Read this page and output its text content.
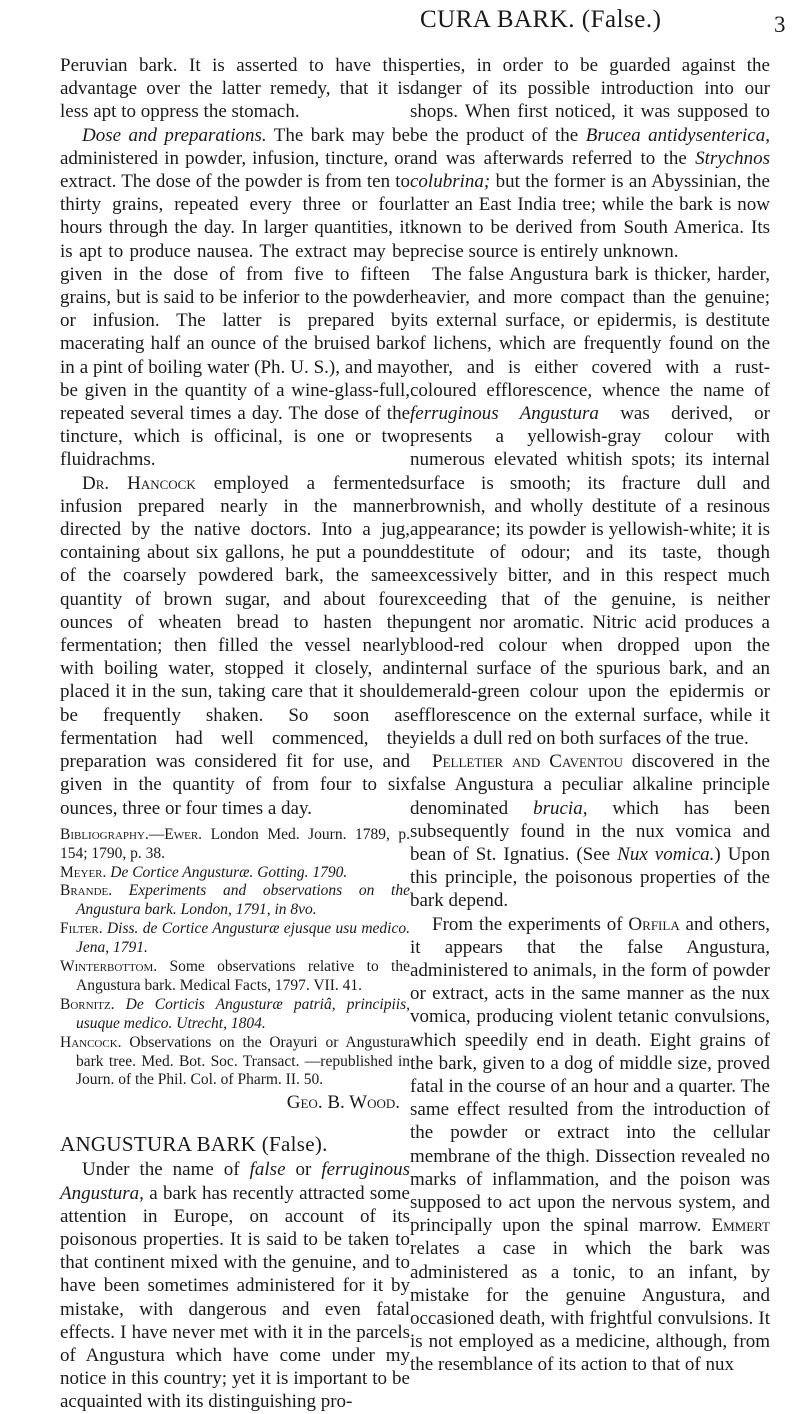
CURA BARK. (False.)	3

Peruvian bark. It is asserted to have this advantage over the latter remedy, that it is less apt to oppress the stomach.

Dose and preparations. The bark may be administered in powder, infusion, tincture, or extract. The dose of the powder is from ten to thirty grains, repeated every three or four hours through the day. In larger quantities, it is apt to produce nausea. The extract may be given in the dose of from five to fifteen grains, but is said to be inferior to the powder or infusion. The latter is prepared by macerating half an ounce of the bruised bark in a pint of boiling water (Ph. U. S.), and may be given in the quantity of a wine-glass-full, repeated several times a day. The dose of the tincture, which is officinal, is one or two fluidrachms.

Dr. Hancock employed a fermented infusion prepared nearly in the manner directed by the native doctors. Into a jug, containing about six gallons, he put a pound of the coarsely powdered bark, the same quantity of brown sugar, and about four ounces of wheaten bread to hasten the fermentation; then filled the vessel nearly with boiling water, stopped it closely, and placed it in the sun, taking care that it should be frequently shaken. So soon as fermentation had well commenced, the preparation was considered fit for use, and given in the quantity of from four to six ounces, three or four times a day.

Bibliography.—Ewer. London Med. Journ. 1789, p. 154; 1790, p. 38.

Meyer. De Cortice Angusturæ. Gotting. 1790.

Brande. Experiments and observations on the Angustura bark. London, 1791, in 8vo.

Filter. Diss. de Cortice Angusturæ ejusque usu medico. Jena, 1791.

Winterbottom. Some observations relative to the Angustura bark. Medical Facts, 1797. VII. 41.

Bornitz. De Corticis Angusturæ patriâ, principiis, usuque medico. Utrecht, 1804.

Hancock. Observations on the Orayuri or Angustura bark tree. Med. Bot. Soc. Transact. —republished in Journ. of the Phil. Col. of Pharm. II. 50.

Geo. B. Wood.
ANGUSTURA BARK (False).

Under the name of false or ferruginous Angustura, a bark has recently attracted some attention in Europe, on account of its poisonous properties. It is said to be taken to that continent mixed with the genuine, and to have been sometimes administered for it by mistake, with dangerous and even fatal effects. I have never met with it in the parcels of Angustura which have come under my notice in this country; yet it is important to be acquainted with its distinguishing pro-

perties, in order to be guarded against the danger of its possible introduction into our shops. When first noticed, it was supposed to be the product of the Brucea antidysenterica, and was afterwards referred to the Strychnos colubrina; but the former is an Abyssinian, the latter an East India tree; while the bark is now known to be derived from South America. Its precise source is entirely unknown.

The false Angustura bark is thicker, harder, heavier, and more compact than the genuine; its external surface, or epidermis, is destitute of lichens, which are frequently found on the other, and is either covered with a rust-coloured efflorescence, whence the name of ferruginous Angustura was derived, or presents a yellowish-gray colour with numerous elevated whitish spots; its internal surface is smooth; its fracture dull and brownish, and wholly destitute of a resinous appearance; its powder is yellowish-white; it is destitute of odour; and its taste, though excessively bitter, and in this respect much exceeding that of the genuine, is neither pungent nor aromatic. Nitric acid produces a blood-red colour when dropped upon the internal surface of the spurious bark, and an emerald-green colour upon the epidermis or efflorescence on the external surface, while it yields a dull red on both surfaces of the true.

Pelletier and Caventou discovered in the false Angustura a peculiar alkaline principle denominated brucia, which has been subsequently found in the nux vomica and bean of St. Ignatius. (See Nux vomica.) Upon this principle, the poisonous properties of the bark depend.

From the experiments of Orfila and others, it appears that the false Angustura, administered to animals, in the form of powder or extract, acts in the same manner as the nux vomica, producing violent tetanic convulsions, which speedily end in death. Eight grains of the bark, given to a dog of middle size, proved fatal in the course of an hour and a quarter. The same effect resulted from the introduction of the powder or extract into the cellular membrane of the thigh. Dissection revealed no marks of inflammation, and the poison was supposed to act upon the nervous system, and principally upon the spinal marrow. Emmert relates a case in which the bark was administered as a tonic, to an infant, by mistake for the genuine Angustura, and occasioned death, with frightful convulsions. It is not employed as a medicine, although, from the resemblance of its action to that of nux
